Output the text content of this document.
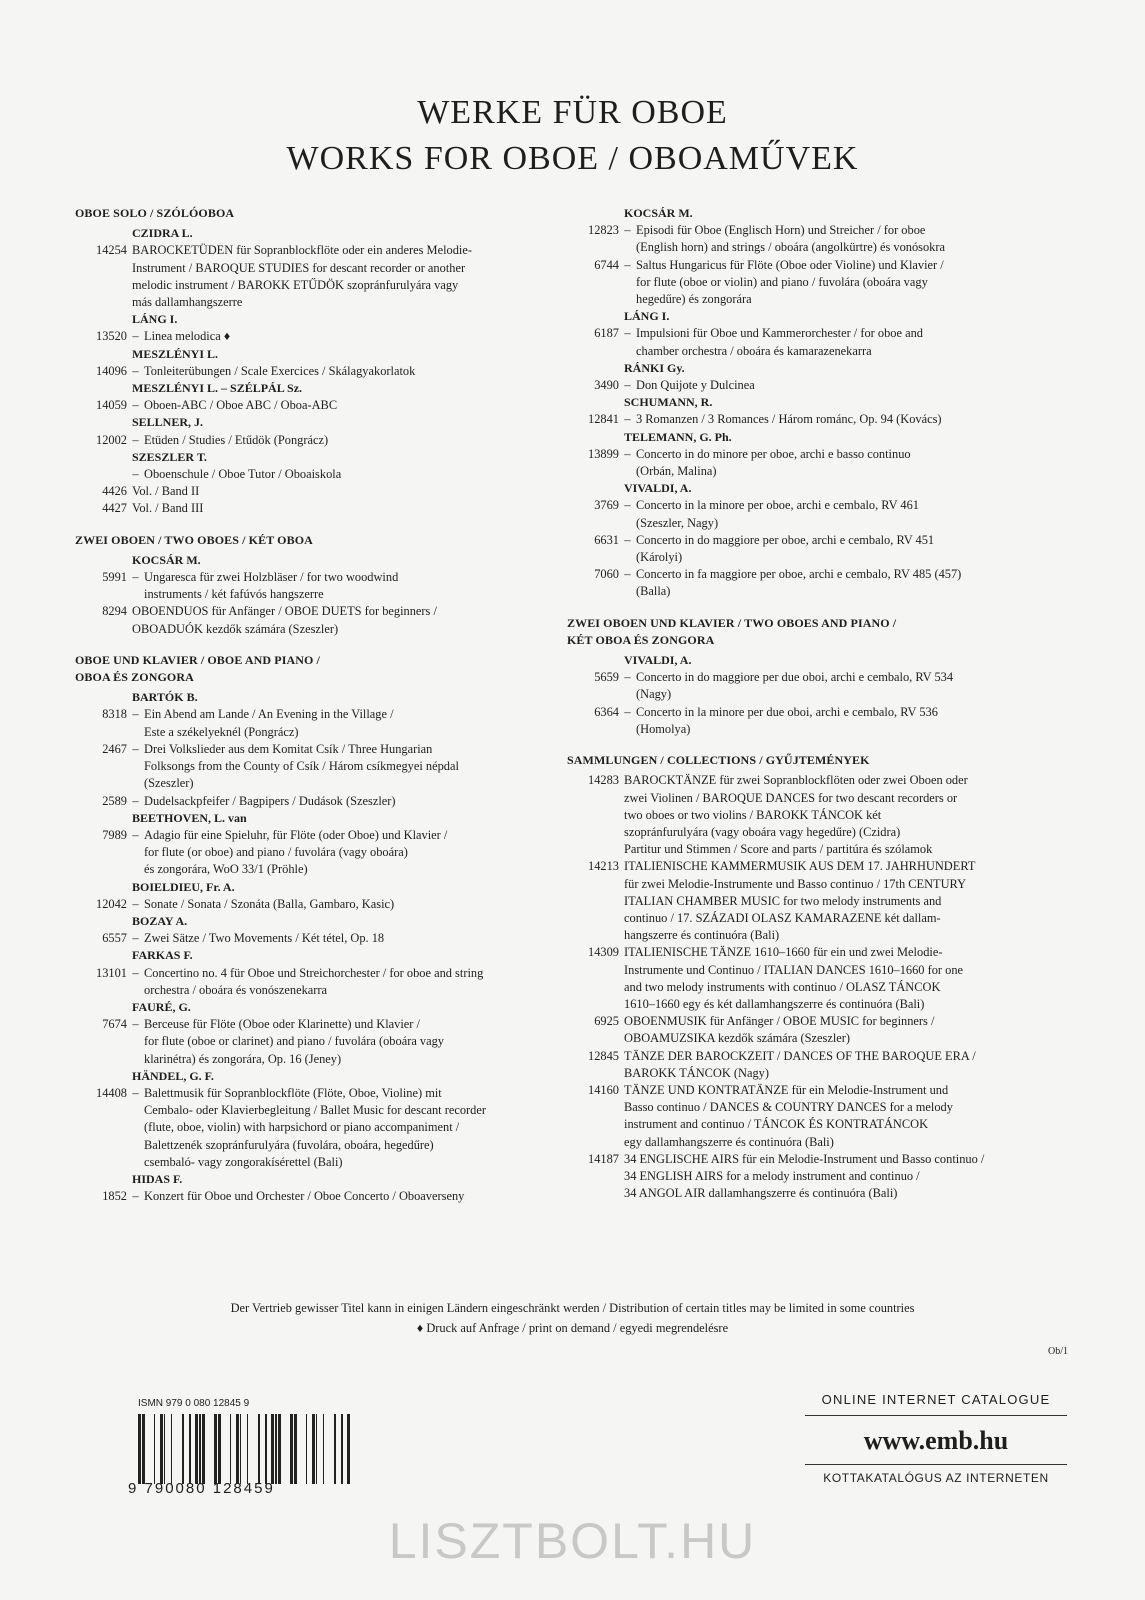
WERKE FÜR OBOE
WORKS FOR OBOE / OBOAMŰVEK
OBOE SOLO / SZÓLÓOBOA
CZIDRA L.
14254 BAROCKETÜDEN für Sopranblockflöte oder ein anderes Melodie-
Instrument / BAROQUE STUDIES for descant recorder or another
melodic instrument / BAROKK ETŰDÖK szopránfurulyára vagy
más dallamhangszerre
LÁNG I.
13520 – Linea melodica ♦
MESZLÉNYI L.
14096 – Tonleiterübungen / Scale Exercices / Skálagyakorlatok
MESZLÉNYI L. – SZÉLPÁL Sz.
14059 – Oboen-ABC / Oboe ABC / Oboa-ABC
SELLNER, J.
12002 – Etüden / Studies / Etűdök (Pongrácz)
SZESZLER T.
– Oboenschule / Oboe Tutor / Oboaiskola
4426 Vol. / Band II
4427 Vol. / Band III
ZWEI OBOEN / TWO OBOES / KÉT OBOA
KOCSÁR M.
5991 – Ungaresca für zwei Holzbläser / for two woodwind
instruments / két fafúvós hangszerre
8294 OBOENDUOS für Anfänger / OBOE DUETS for beginners /
OBOADUÓK kezdők számára (Szeszler)
OBOE UND KLAVIER / OBOE AND PIANO /
OBOA ÉS ZONGORA
BARTÓK B.
8318 – Ein Abend am Lande / An Evening in the Village /
Este a székelyeknél (Pongrácz)
2467 – Drei Volkslieder aus dem Komitat Csík / Three Hungarian
Folksongs from the County of Csík / Három csíkmegyei népdal
(Szeszler)
2589 – Dudelsackpfeifer / Bagpipers / Dudások (Szeszler)
BEETHOVEN, L. van
7989 – Adagio für eine Spieluhr, für Flöte (oder Oboe) und Klavier /
for flute (or oboe) and piano / fuvolára (vagy oboára)
és zongorára, WoO 33/1 (Pröhle)
BOIELDIEU, Fr. A.
12042 – Sonate / Sonata / Szonáta (Balla, Gambaro, Kasic)
BOZAY A.
6557 – Zwei Sätze / Two Movements / Két tétel, Op. 18
FARKAS F.
13101 – Concertino no. 4 für Oboe und Streichorchester / for oboe and string
orchestra / oboára és vonószenekarra
FAURÉ, G.
7674 – Berceuse für Flöte (Oboe oder Klarinette) und Klavier /
for flute (oboe or clarinet) and piano / fuvolára (oboára vagy
klarinétra) és zongorára, Op. 16 (Jeney)
HÄNDEL, G. F.
14408 – Balettmusik für Sopranblockflöte (Flöte, Oboe, Violine) mit
Cembalo- oder Klavierbegleitung / Ballet Music for descant recorder
(flute, oboe, violin) with harpsichord or piano accompaniment /
Balettzenék szopránfurulyára (fuvolára, oboára, hegedűre)
csembaló- vagy zongorakísérettel (Bali)
HIDAS F.
1852 – Konzert für Oboe und Orchester / Oboe Concerto / Oboaverseny
KOCSÁR M.
12823 – Episodi für Oboe (Englisch Horn) und Streicher / for oboe
(English horn) and strings / oboára (angolkürtre) és vonósokra
6744 – Saltus Hungaricus für Flöte (Oboe oder Violine) und Klavier /
for flute (oboe or violin) and piano / fuvolára (oboára vagy
hegedűre) és zongorára
LÁNG I.
6187 – Impulsioni für Oboe und Kammerorchester / for oboe and
chamber orchestra / oboára és kamarazenekarra
RÁNKI Gy.
3490 – Don Quijote y Dulcinea
SCHUMANN, R.
12841 – 3 Romanzen / 3 Romances / Három románc, Op. 94 (Kovács)
TELEMANN, G. Ph.
13899 – Concerto in do minore per oboe, archi e basso continuo
(Orbán, Malina)
VIVALDI, A.
3769 – Concerto in la minore per oboe, archi e cembalo, RV 461
(Szeszler, Nagy)
6631 – Concerto in do maggiore per oboe, archi e cembalo, RV 451
(Károlyi)
7060 – Concerto in fa maggiore per oboe, archi e cembalo, RV 485 (457)
(Balla)
ZWEI OBOEN UND KLAVIER / TWO OBOES AND PIANO /
KÉT OBOA ÉS ZONGORA
VIVALDI, A.
5659 – Concerto in do maggiore per due oboi, archi e cembalo, RV 534
(Nagy)
6364 – Concerto in la minore per due oboi, archi e cembalo, RV 536
(Homolya)
SAMMLUNGEN / COLLECTIONS / GYŰJTEMÉNYEK
14283 BAROCKTÄNZE für zwei Sopranblockflöten oder zwei Oboen oder
zwei Violinen / BAROQUE DANCES for two descant recorders or
two oboes or two violins / BAROKK TÁNCOK két
szopránfurulyára (vagy oboára vagy hegedűre) (Czidra)
Partitur und Stimmen / Score and parts / partitúra és szólamok
14213 ITALIENISCHE KAMMERMUSIK AUS DEM 17. JAHRHUNDERT
für zwei Melodie-Instrumente und Basso continuo / 17th CENTURY
ITALIAN CHAMBER MUSIC for two melody instruments and
continuo / 17. SZÁZADI OLASZ KAMARAZENE két dallam-
hangszerre és continuóra (Bali)
14309 ITALIENISCHE TÄNZE 1610–1660 für ein und zwei Melodie-
Instrumente und Continuo / ITALIAN DANCES 1610–1660 for one
and two melody instruments with continuo / OLASZ TÁNCOK
1610–1660 egy és két dallamhangszerre és continuóra (Bali)
6925 OBOENMUSIK für Anfänger / OBOE MUSIC for beginners /
OBOAMUZSIKA kezdők számára (Szeszler)
12845 TÄNZE DER BAROCKZEIT / DANCES OF THE BAROQUE ERA /
BAROKK TÁNCOK (Nagy)
14160 TÄNZE UND KONTRATÄNZE für ein Melodie-Instrument und
Basso continuo / DANCES & COUNTRY DANCES for a melody
instrument and continuo / TÁNCOK ÉS KONTRATÁNCOK
egy dallamhangszerre és continuóra (Bali)
14187 34 ENGLISCHE AIRS für ein Melodie-Instrument und Basso continuo /
34 ENGLISH AIRS for a melody instrument and continuo /
34 ANGOL AIR dallamhangszerre és continuóra (Bali)
Der Vertrieb gewisser Titel kann in einigen Ländern eingeschränkt werden / Distribution of certain titles may be limited in some countries
♦ Druck auf Anfrage / print on demand / egyedi megrendelésre
Ob/1
ISMN 979 0 080 12845 9
9 790080 128459
ONLINE INTERNET CATALOGUE
www.emb.hu
KOTTAKATALÓGUS AZ INTERNETEN
LISZTBOLT.HU
